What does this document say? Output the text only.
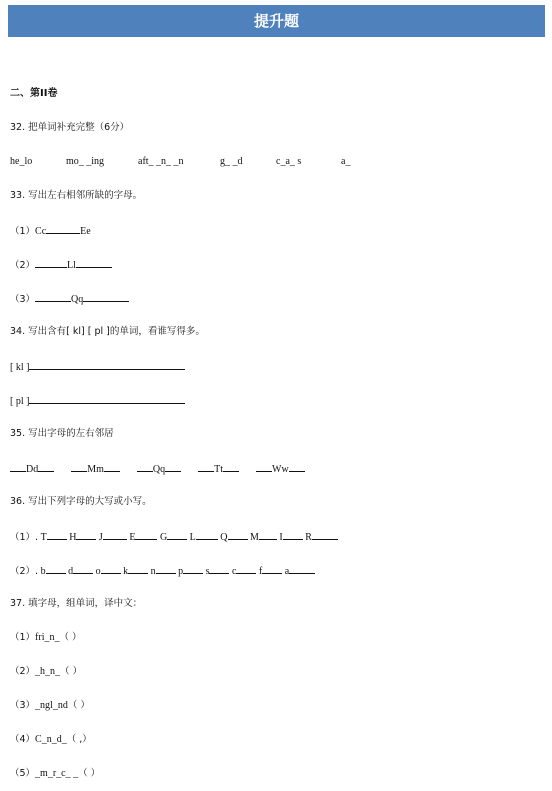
提升题
二、第II卷
32. 把单词补充完整（6分）
he_lo	mo_ _ing	aft_ _n_ _n	g_ _d	c_a_ s	a_
33. 写出左右相邻所缺的字母。
（1）Cc	Ee
（2）	Ll
（3）	Qq
34. 写出含有[ kl] [ pl ]的单词，看谁写得多。
[ kl ]
[ pl ]
35. 写出字母的左右邻居
Dd	Mm	Qq	Tt	Ww
36. 写出下列字母的大写或小写。
（1）. T H J	E G L Q M I R
（2）. b d o k n p s c f a
37. 填字母，组单词，译中文：
（1）fri_n_（ ）
（2）_h_n_（ ）
（3）_ngl_nd（ ）
（4）C_n_d_（ ,）
（5）_m_r_c_ _（ ）
